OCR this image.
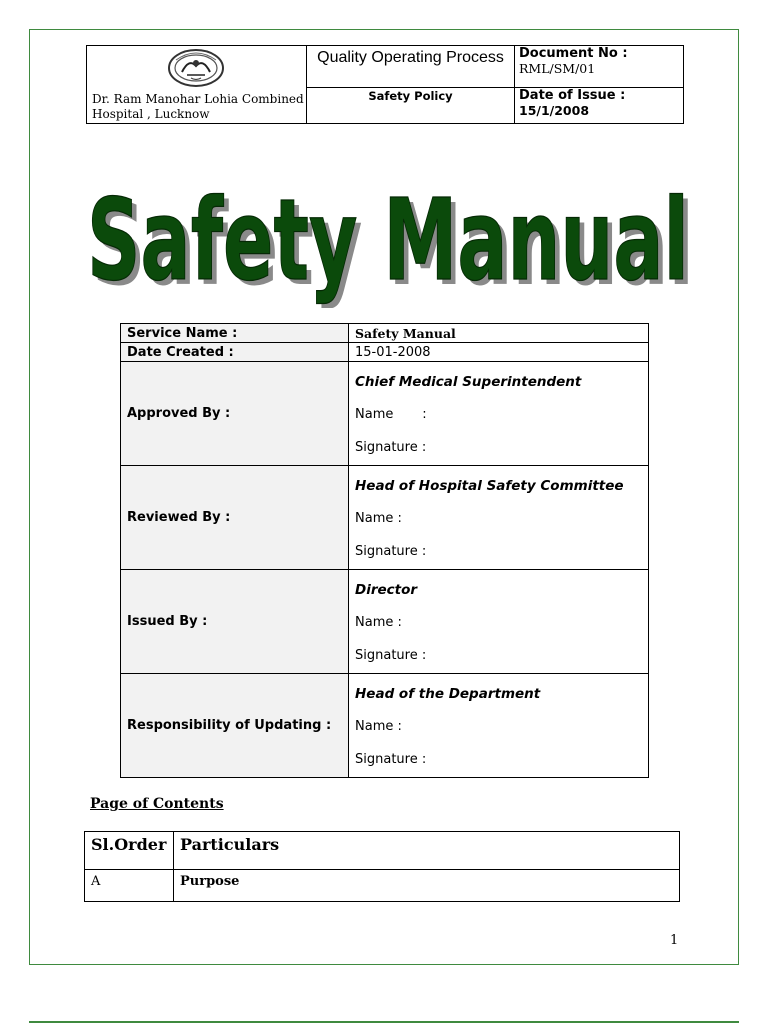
Dr. Ram Manohar Lohia Combined Hospital , Lucknow	Quality Operating Process	Document No :
RML/SM/01

	Safety Policy	Date of Issue :
15/1/2008
Safety Manual
Safety Manual
Service Name :	Safety Manual
Date Created :	15-01-2008
Approved By :	Chief Medical Superintendent
Name       :
Signature :

Reviewed By :	Head of Hospital Safety Committee
Name :
Signature :

Issued By :	Director
Name :
Signature :

Responsibility of Updating :	Head of the Department
Name :
Signature :
Page of Contents
Sl.Order	Particulars
A	Purpose
1
